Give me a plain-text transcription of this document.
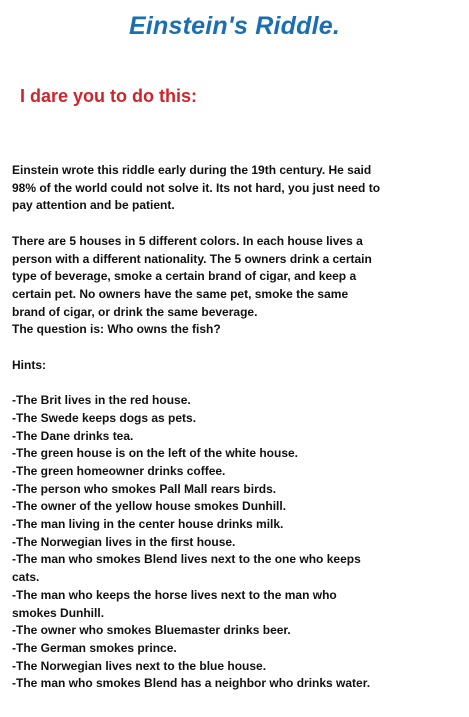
Einstein's Riddle.
I dare you to do this:

Einstein wrote this riddle early during the 19th century. He said
98% of the world could not solve it. Its not hard, you just need to
pay attention and be patient.

There are 5 houses in 5 different colors. In each house lives a
person with a different nationality. The 5 owners drink a certain
type of beverage, smoke a certain brand of cigar, and keep a
certain pet. No owners have the same pet, smoke the same
brand of cigar, or drink the same beverage.

The question is: Who owns the fish?

Hints:

-The Brit lives in the red house.
-The Swede keeps dogs as pets.
-The Dane drinks tea.
-The green house is on the left of the white house.
-The green homeowner drinks coffee.
-The person who smokes Pall Mall rears birds.
-The owner of the yellow house smokes Dunhill.
-The man living in the center house drinks milk.
-The Norwegian lives in the first house.
-The man who smokes Blend lives next to the one who keeps
cats.
-The man who keeps the horse lives next to the man who
smokes Dunhill.
-The owner who smokes Bluemaster drinks beer.
-The German smokes prince.
-The Norwegian lives next to the blue house.
-The man who smokes Blend has a neighbor who drinks water.
